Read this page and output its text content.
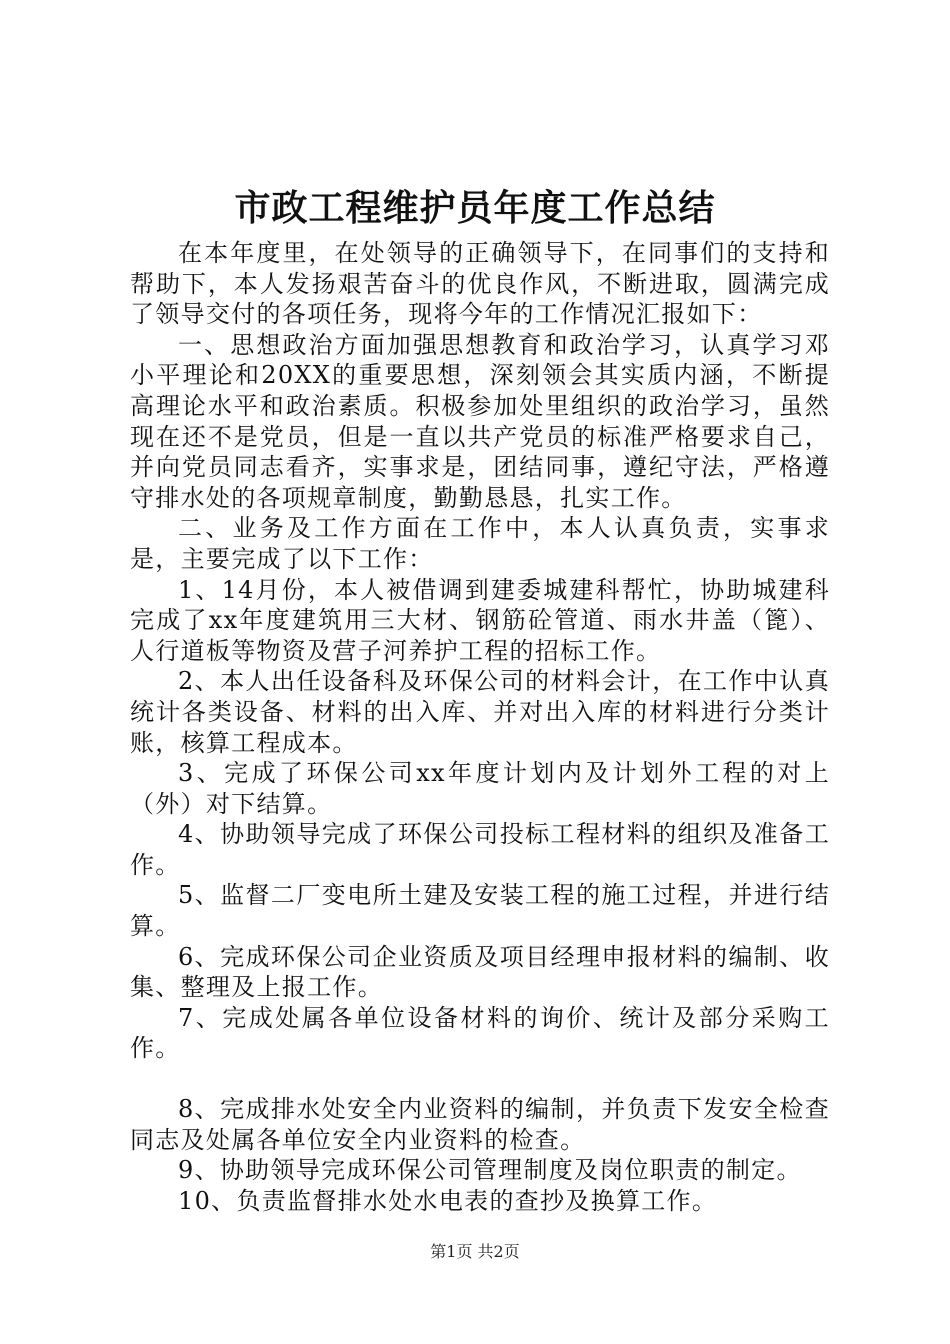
市政工程维护员年度工作总结

在本年度里，在处领导的正确领导下，在同事们的支持和帮助下，本人发扬艰苦奋斗的优良作风，不断进取，圆满完成了领导交付的各项任务，现将今年的工作情况汇报如下：

一、思想政治方面加强思想教育和政治学习，认真学习邓小平理论和20XX的重要思想，深刻领会其实质内涵，不断提高理论水平和政治素质。积极参加处里组织的政治学习，虽然现在还不是党员，但是一直以共产党员的标准严格要求自己，并向党员同志看齐，实事求是，团结同事，遵纪守法，严格遵守排水处的各项规章制度，勤勤恳恳，扎实工作。

二、业务及工作方面在工作中，本人认真负责，实事求是，主要完成了以下工作：

1、14月份，本人被借调到建委城建科帮忙，协助城建科完成了xx年度建筑用三大材、钢筋砼管道、雨水井盖（篦）、人行道板等物资及营子河养护工程的招标工作。

2、本人出任设备科及环保公司的材料会计，在工作中认真统计各类设备、材料的出入库、并对出入库的材料进行分类计账，核算工程成本。

3、完成了环保公司xx年度计划内及计划外工程的对上（外）对下结算。

4、协助领导完成了环保公司投标工程材料的组织及准备工作。

5、监督二厂变电所土建及安装工程的施工过程，并进行结算。

6、完成环保公司企业资质及项目经理申报材料的编制、收集、整理及上报工作。

7、完成处属各单位设备材料的询价、统计及部分采购工作。

8、完成排水处安全内业资料的编制，并负责下发安全检查同志及处属各单位安全内业资料的检查。

9、协助领导完成环保公司管理制度及岗位职责的制定。

10、负责监督排水处水电表的查抄及换算工作。

第1页 共2页
